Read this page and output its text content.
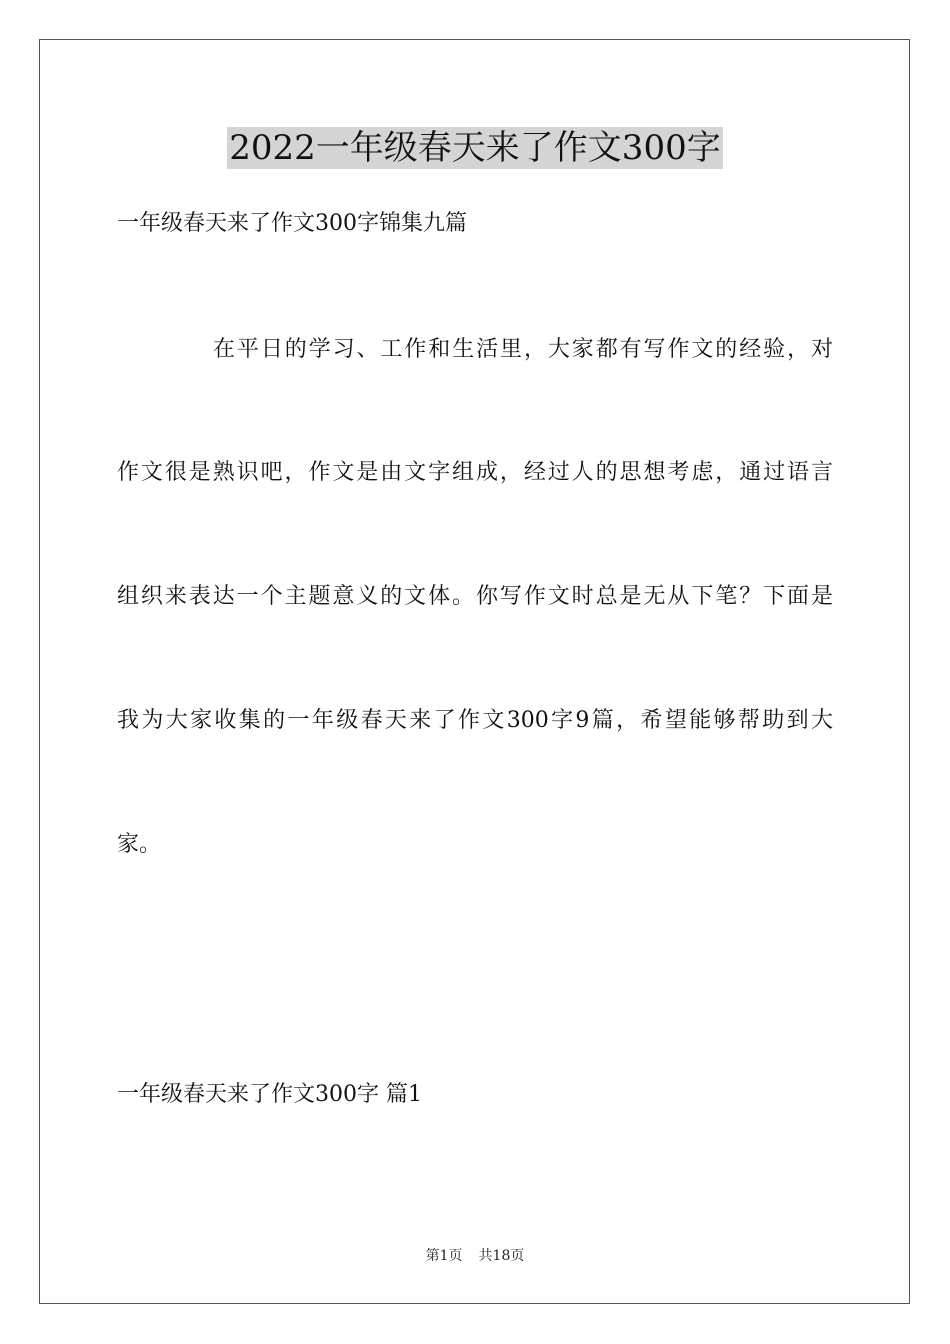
2022一年级春天来了作文300字
一年级春天来了作文300字锦集九篇
在平日的学习、工作和生活里，大家都有写作文的经验，对
作文很是熟识吧，作文是由文字组成，经过人的思想考虑，通过语言
组织来表达一个主题意义的文体。你写作文时总是无从下笔？下面是
我为大家收集的一年级春天来了作文300字9篇，希望能够帮助到大
家。
一年级春天来了作文300字 篇1
第1页 共18页
